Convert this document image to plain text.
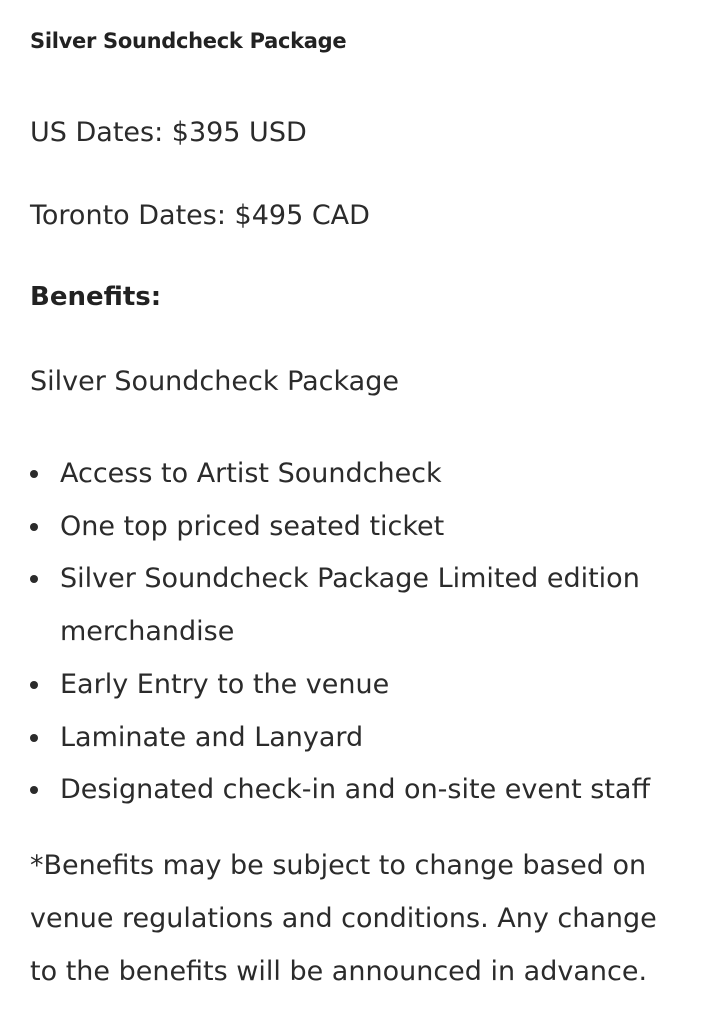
Silver Soundcheck Package
US Dates: $395 USD
Toronto Dates: $495 CAD
Benefits:
Silver Soundcheck Package
Access to Artist Soundcheck
One top priced seated ticket
Silver Soundcheck Package Limited edition merchandise
Early Entry to the venue
Laminate and Lanyard
Designated check-in and on-site event staff

*Benefits may be subject to change based on venue regulations and conditions. Any change to the benefits will be announced in advance.
